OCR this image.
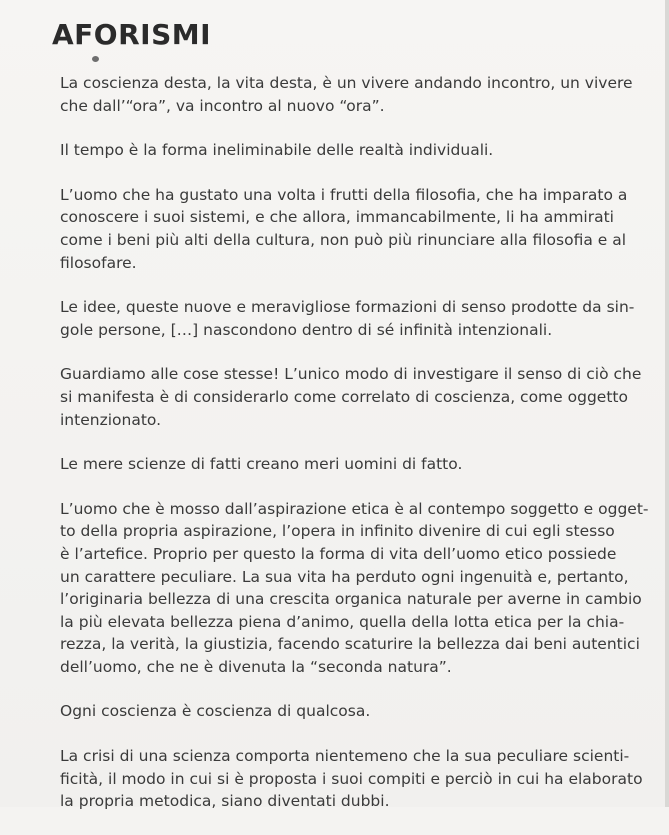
AFORISMI

La coscienza desta, la vita desta, è un vivere andando incontro, un vivere
che dall’“ora”, va incontro al nuovo “ora”.

Il tempo è la forma ineliminabile delle realtà individuali.

L’uomo che ha gustato una volta i frutti della filosofia, che ha imparato a
conoscere i suoi sistemi, e che allora, immancabilmente, li ha ammirati
come i beni più alti della cultura, non può più rinunciare alla filosofia e al
filosofare.

Le idee, queste nuove e meravigliose formazioni di senso prodotte da sin-
gole persone, […] nascondono dentro di sé infinità intenzionali.

Guardiamo alle cose stesse! L’unico modo di investigare il senso di ciò che
si manifesta è di considerarlo come correlato di coscienza, come oggetto
intenzionato.

Le mere scienze di fatti creano meri uomini di fatto.

L’uomo che è mosso dall’aspirazione etica è al contempo soggetto e ogget-
to della propria aspirazione, l’opera in infinito divenire di cui egli stesso
è l’artefice. Proprio per questo la forma di vita dell’uomo etico possiede
un carattere peculiare. La sua vita ha perduto ogni ingenuità e, pertanto,
l’originaria bellezza di una crescita organica naturale per averne in cambio
la più elevata bellezza piena d’animo, quella della lotta etica per la chia-
rezza, la verità, la giustizia, facendo scaturire la bellezza dai beni autentici
dell’uomo, che ne è divenuta la “seconda natura”.

Ogni coscienza è coscienza di qualcosa.

La crisi di una scienza comporta nientemeno che la sua peculiare scienti-
ficità, il modo in cui si è proposta i suoi compiti e perciò in cui ha elaborato
la propria metodica, siano diventati dubbi.
